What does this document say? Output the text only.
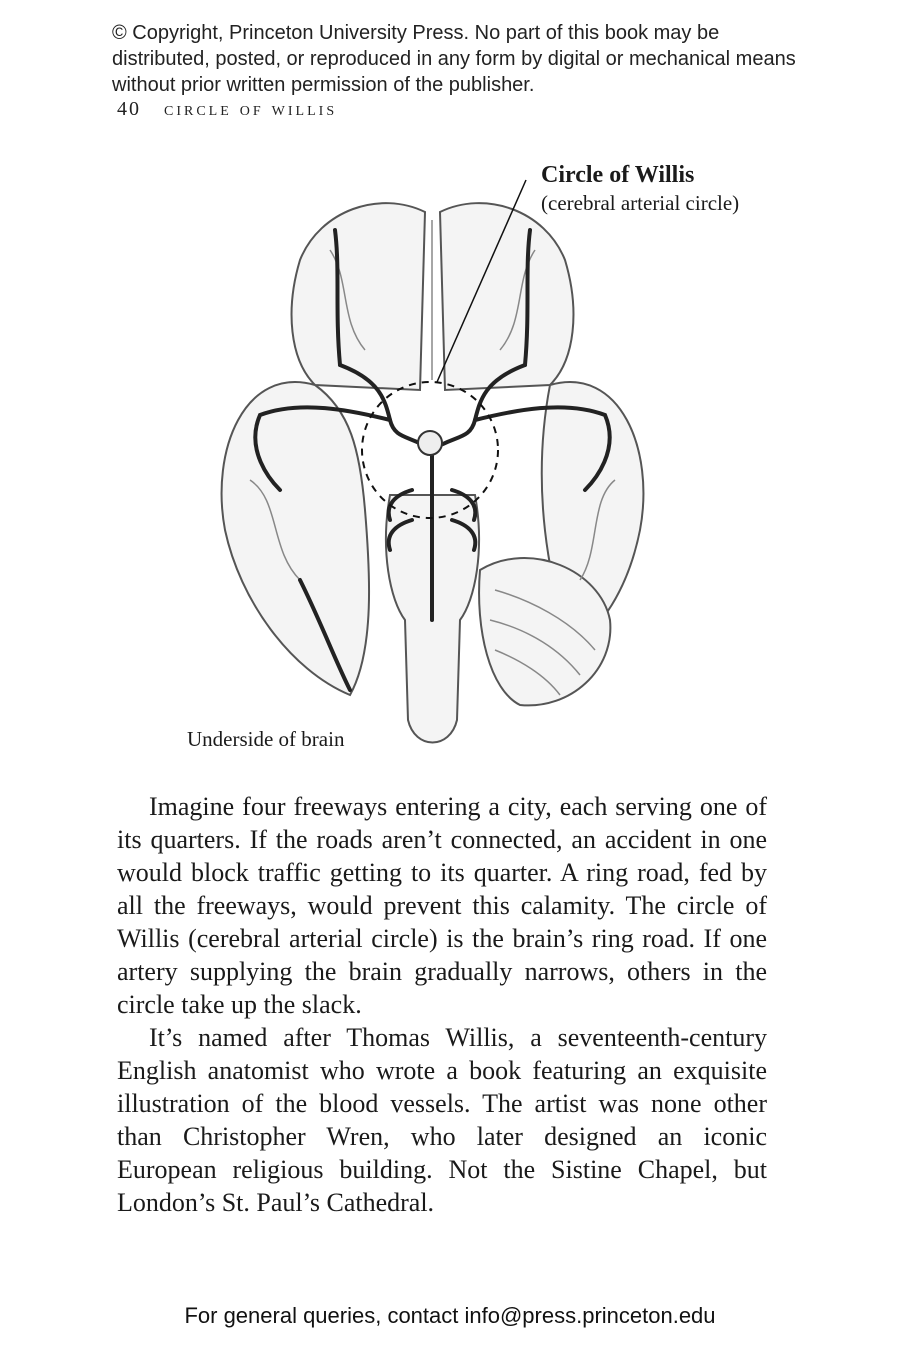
© Copyright, Princeton University Press. No part of this book may be distributed, posted, or reproduced in any form by digital or mechanical means without prior written permission of the publisher.
40 circle of willis
Circle of Willis
(cerebral arterial circle)
Underside of brain

Imagine four freeways entering a city, each serving one of its quarters. If the roads aren’t connected, an accident in one would block traffic getting to its quarter. A ring road, fed by all the freeways, would prevent this calamity. The circle of Willis (cerebral arterial circle) is the brain’s ring road. If one artery supplying the brain gradually narrows, others in the circle take up the slack.

It’s named after Thomas Willis, a seventeenth-century English anatomist who wrote a book featuring an exquisite illustration of the blood vessels. The artist was none other than Christopher Wren, who later designed an iconic European religious building. Not the Sistine Chapel, but London’s St. Paul’s Cathedral.

For general queries, contact info@press.princeton.edu
